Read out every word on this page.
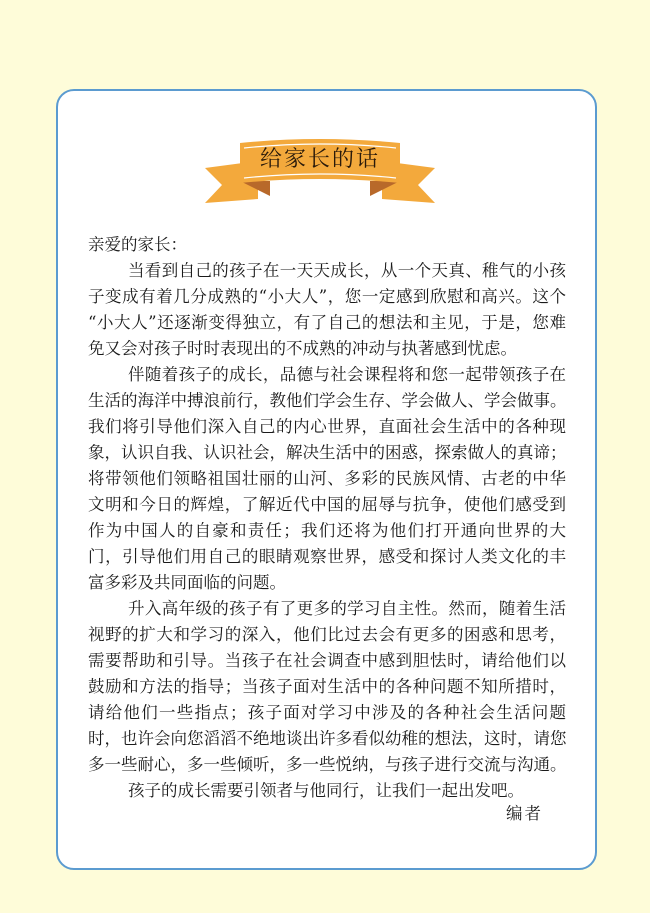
给家长的话
亲爱的家长：
当看到自己的孩子在一天天成长，从一个天真、稚气的小孩
子变成有着几分成熟的“小大人”，您一定感到欣慰和高兴。这个
“小大人”还逐渐变得独立，有了自己的想法和主见，于是，您难
免又会对孩子时时表现出的不成熟的冲动与执著感到忧虑。
伴随着孩子的成长，品德与社会课程将和您一起带领孩子在
生活的海洋中搏浪前行，教他们学会生存、学会做人、学会做事。
我们将引导他们深入自己的内心世界，直面社会生活中的各种现
象，认识自我、认识社会，解决生活中的困惑，探索做人的真谛；
将带领他们领略祖国壮丽的山河、多彩的民族风情、古老的中华
文明和今日的辉煌，了解近代中国的屈辱与抗争，使他们感受到
作为中国人的自豪和责任；我们还将为他们打开通向世界的大
门，引导他们用自己的眼睛观察世界，感受和探讨人类文化的丰
富多彩及共同面临的问题。
升入高年级的孩子有了更多的学习自主性。然而，随着生活
视野的扩大和学习的深入，他们比过去会有更多的困惑和思考，
需要帮助和引导。当孩子在社会调查中感到胆怯时，请给他们以
鼓励和方法的指导；当孩子面对生活中的各种问题不知所措时，
请给他们一些指点；孩子面对学习中涉及的各种社会生活问题
时，也许会向您滔滔不绝地谈出许多看似幼稚的想法，这时，请您
多一些耐心，多一些倾听，多一些悦纳，与孩子进行交流与沟通。
孩子的成长需要引领者与他同行，让我们一起出发吧。
编者
